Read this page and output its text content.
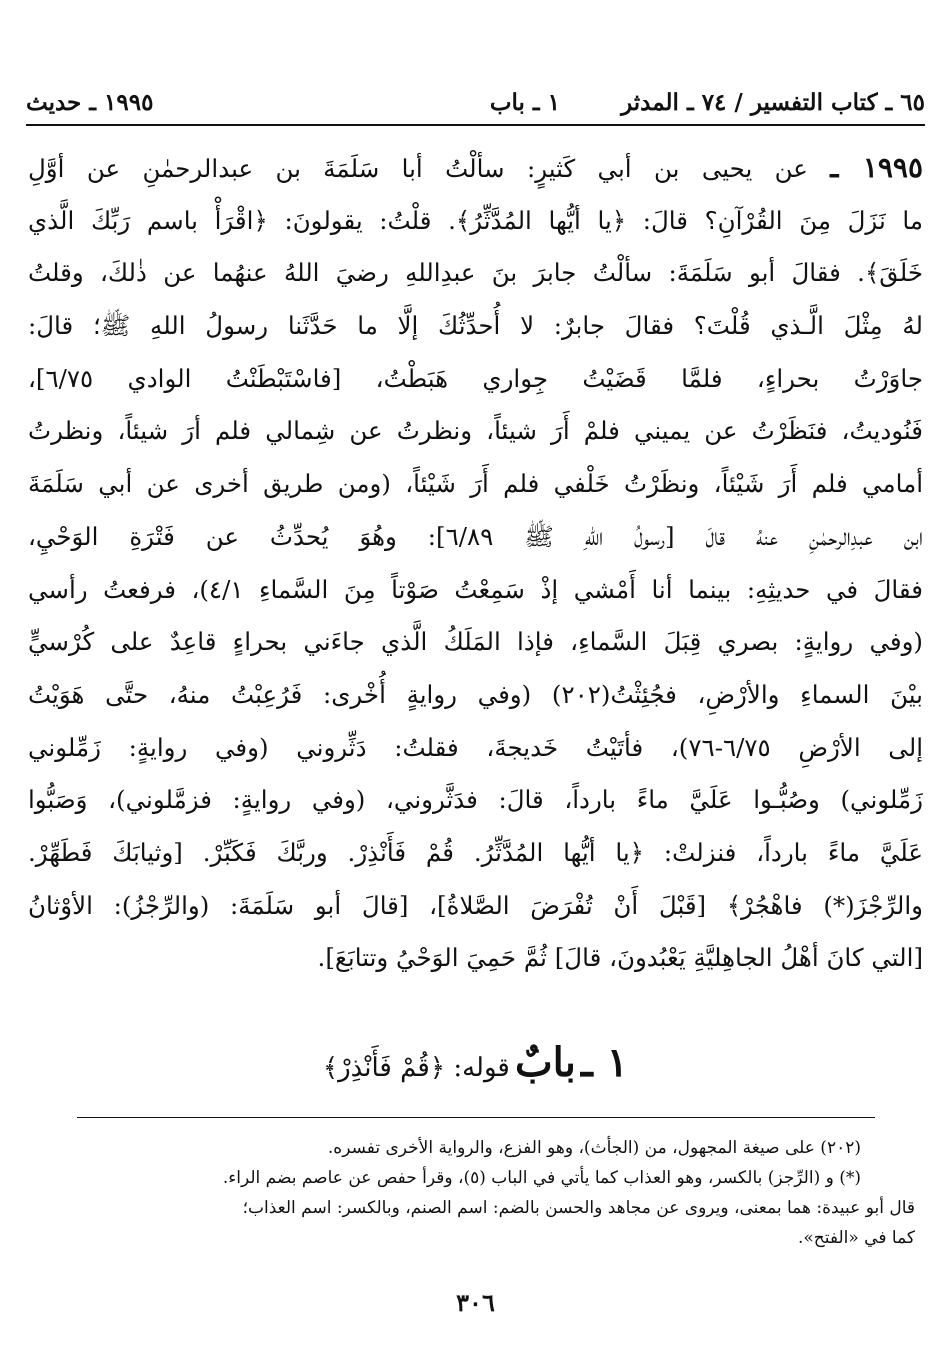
٦٥ ـ كتاب التفسير / ٧٤ ـ المدثر
١ ـ باب
١٩٩٥ ـ حديث
١٩٩٥ ـ عن يحيى بن أبي كَثيرٍ: سألْتُ أبا سَلَمَةَ بن عبدالرحمٰنِ عن أوَّلِ
ما نَزَلَ مِنَ القُرْآنِ؟ قالَ: ﴿يا أيُّها المُدَّثِّرُ﴾. قلْتُ: يقولونَ: ﴿اقْرَأْ باسم رَبِّكَ الَّذي
خَلَقَ﴾. فقالَ أبو سَلَمَةَ: سألْتُ جابرَ بنَ عبدِاللهِ رضيَ اللهُ عنهُما عن ذٰلكَ، وقلتُ
لهُ مِثْلَ الَّـذي قُلْتَ؟ فقالَ جابرٌ: لا أُحدِّثُكَ إلَّا ما حَدَّثَنا رسولُ اللهِ ﷺ؛ قالَ:
جاوَرْتُ بحراءٍ، فلمَّا قَضَيْتُ جِواري هَبَطْتُ، [فاسْتَبْطَنْتُ الوادي ٦/٧٥]،
فَنُوديتُ، فنَظَرْتُ عن يميني فلمْ أَرَ شيئاً، ونظرتُ عن شِمالي فلم أرَ شيئاً، ونظرتُ
أمامي فلم أَرَ شَيْئاً، ونظَرْتُ خَلْفي فلم أَرَ شَيْئاً، (ومن طريق أخرى عن أبي سَلَمَةَ
ابن عبدِالرحمٰنِ عنهُ قالَ [رسولُ اللهِ ﷺ ٦/٨٩]: وهُوَ يُحدِّثُ عن فَتْرَةِ الوَحْيِ،
فقالَ في حديثِهِ: بينما أنا أَمْشي إذْ سَمِعْتُ صَوْتاً مِنَ السَّماءِ ٤/١)، فرفعتُ رأسي
(وفي روايةٍ: بصري قِبَلَ السَّماءِ، فإذا المَلَكُ الَّذي جاءَني بحراءٍ قاعِدٌ على كُرْسيٍّ
بيْنَ السماءِ والأرْضِ، فجُئِثْتُ(٢٠٢) (وفي روايةٍ أُخْرى: فَرُعِبْتُ منهُ، حتَّى هَوَيْتُ
إلى الأرْضِ ٦/٧٥-٧٦)، فأتَيْتُ خَديجةَ، فقلتُ: دَثِّروني (وفي روايةٍ: زَمِّلوني
زَمِّلوني) وصُبُّـوا عَلَيَّ ماءً بارداً، قالَ: فدَثَّروني، (وفي روايةٍ: فزمَّلوني)، وَصَبُّوا
عَلَيَّ ماءً بارداً، فنزلتْ: ﴿يا أيُّها المُدَّثِّرُ. قُمْ فَأَنْذِرْ. وربَّكَ فَكَبِّرْ. [وثيابَكَ فَطَهِّرْ.
والرِّجْزَ(*) فاهْجُرْ﴾ [قَبْلَ أَنْ تُفْرَضَ الصَّلاةُ]، [قالَ أبو سَلَمَةَ: (والرِّجْزُ): الأوْثانُ
[التي كانَ أهْلُ الجاهِليَّةِ يَعْبُدونَ، قالَ] ثُمَّ حَمِيَ الوَحْيُ وتتابَعَ].
١ ـ بابٌ قوله: ﴿قُمْ فَأَنْذِرْ﴾
(٢٠٢) على صيغة المجهول، من (الجأث)، وهو الفزع، والرواية الأخرى تفسره.
(*) و (الرِّجز) بالكسر، وهو العذاب كما يأتي في الباب (٥)، وقرأ حفص عن عاصم بضم الراء.
قال أبو عبيدة: هما بمعنى، ويروى عن مجاهد والحسن بالضم: اسم الصنم، وبالكسر: اسم العذاب؛
كما في «الفتح».
٣٠٦
